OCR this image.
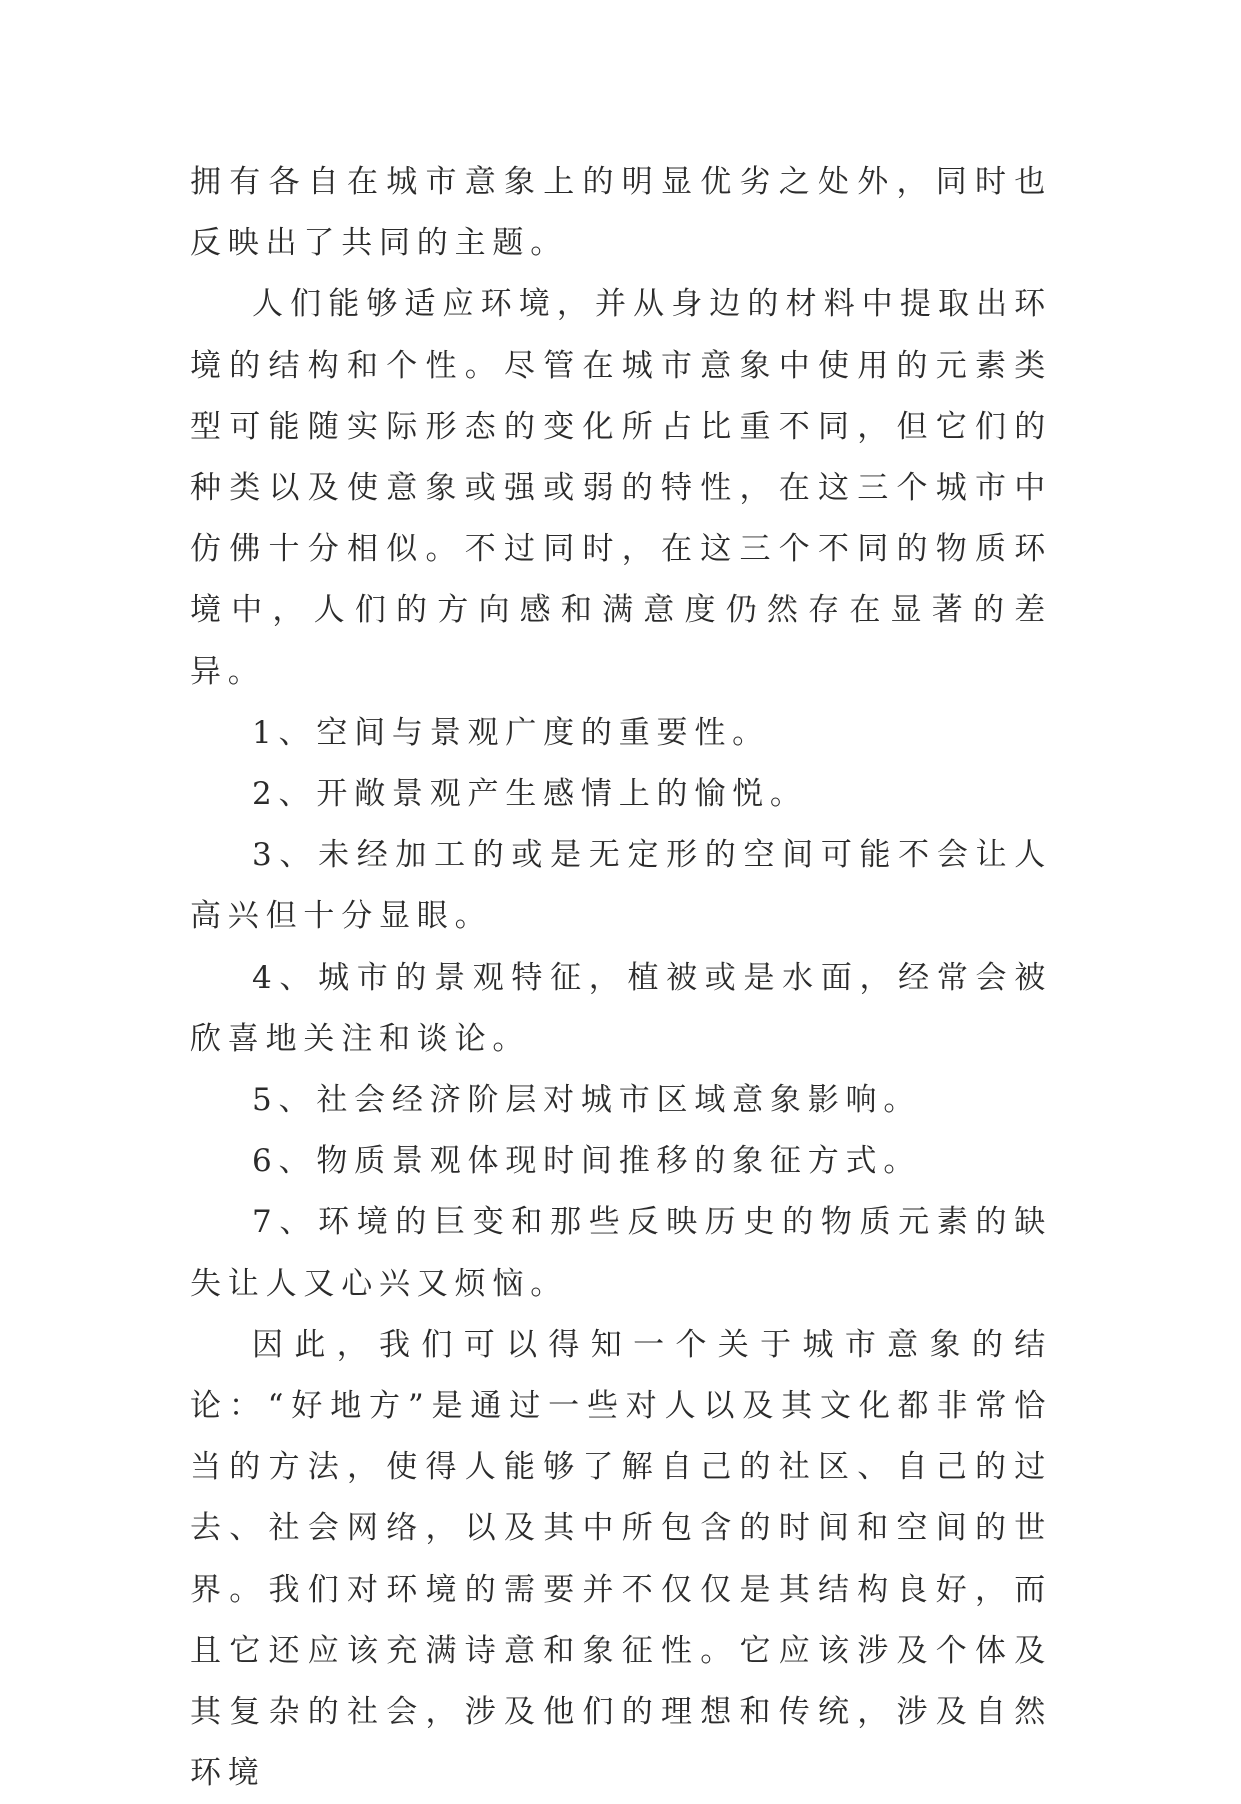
拥有各自在城市意象上的明显优劣之处外，同时也反映出了共同的主题。

人们能够适应环境，并从身边的材料中提取出环境的结构和个性。尽管在城市意象中使用的元素类型可能随实际形态的变化所占比重不同，但它们的种类以及使意象或强或弱的特性，在这三个城市中仿佛十分相似。不过同时，在这三个不同的物质环境中，人们的方向感和满意度仍然存在显著的差异。

1、空间与景观广度的重要性。

2、开敞景观产生感情上的愉悦。

3、未经加工的或是无定形的空间可能不会让人高兴但十分显眼。

4、城市的景观特征，植被或是水面，经常会被欣喜地关注和谈论。

5、社会经济阶层对城市区域意象影响。

6、物质景观体现时间推移的象征方式。

7、环境的巨变和那些反映历史的物质元素的缺失让人又心兴又烦恼。

因此，我们可以得知一个关于城市意象的结论：“好地方”是通过一些对人以及其文化都非常恰当的方法，使得人能够了解自己的社区、自己的过去、社会网络，以及其中所包含的时间和空间的世界。我们对环境的需要并不仅仅是其结构良好，而且它还应该充满诗意和象征性。它应该涉及个体及其复杂的社会，涉及他们的理想和传统，涉及自然环境
